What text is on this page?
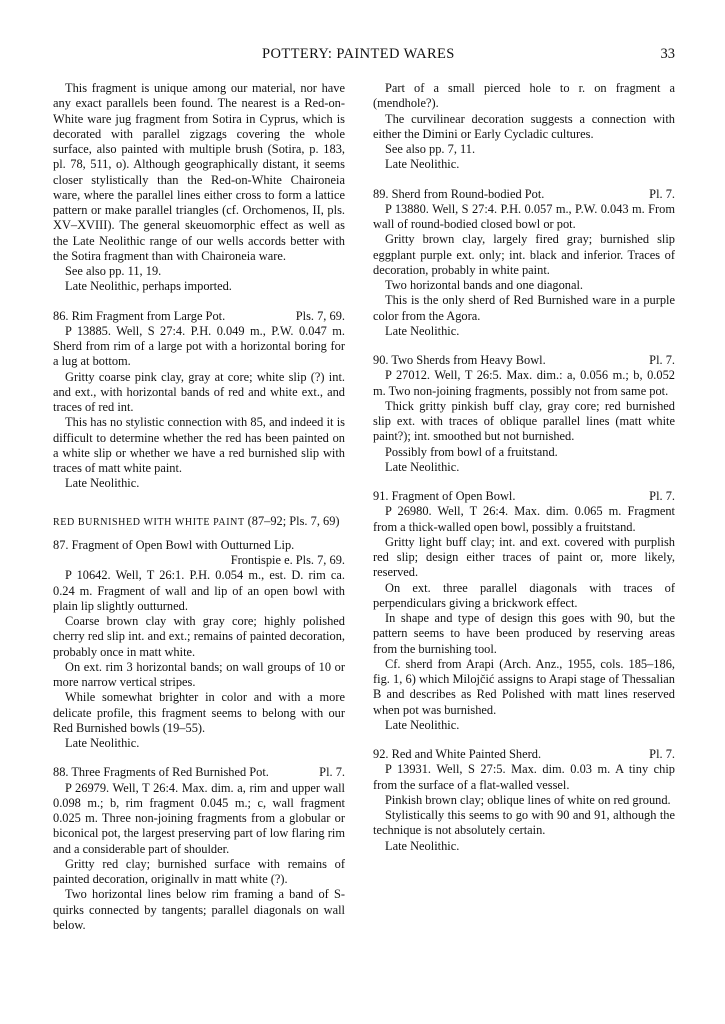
POTTERY: PAINTED WARES	33

This fragment is unique among our material, nor have any exact parallels been found. The nearest is a Red-on-White ware jug fragment from Sotira in Cyprus, which is decorated with parallel zigzags covering the whole surface, also painted with multiple brush (Sotira, p. 183, pl. 78, 511, o). Although geographically distant, it seems closer stylistically than the Red-on-White Chaironeia ware, where the parallel lines either cross to form a lattice pattern or make parallel triangles (cf. Orchomenos, II, pls. XV–XVIII). The general skeuomorphic effect as well as the Late Neolithic range of our wells accords better with the Sotira fragment than with Chaironeia ware.

See also pp. 11, 19.

Late Neolithic, perhaps imported.

86. Rim Fragment from Large Pot.	Pls. 7, 69.

P 13885. Well, S 27:4. P.H. 0.049 m., P.W. 0.047 m. Sherd from rim of a large pot with a horizontal boring for a lug at bottom.

Gritty coarse pink clay, gray at core; white slip (?) int. and ext., with horizontal bands of red and white ext., and traces of red int.

This has no stylistic connection with 85, and indeed it is difficult to determine whether the red has been painted on a white slip or whether we have a red burnished slip with traces of matt white paint.

Late Neolithic.

RED BURNISHED WITH WHITE PAINT (87–92; Pls. 7, 69)

87. Fragment of Open Bowl with Outturned Lip.

Frontispie e. Pls. 7, 69.

P 10642. Well, T 26:1. P.H. 0.054 m., est. D. rim ca. 0.24 m. Fragment of wall and lip of an open bowl with plain lip slightly outturned.

Coarse brown clay with gray core; highly polished cherry red slip int. and ext.; remains of painted decoration, probably once in matt white.

On ext. rim 3 horizontal bands; on wall groups of 10 or more narrow vertical stripes.

While somewhat brighter in color and with a more delicate profile, this fragment seems to belong with our Red Burnished bowls (19–55).

Late Neolithic.

88. Three Fragments of Red Burnished Pot.	Pl. 7.

P 26979. Well, T 26:4. Max. dim. a, rim and upper wall 0.098 m.; b, rim fragment 0.045 m.; c, wall fragment 0.025 m. Three non-joining fragments from a globular or biconical pot, the largest preserving part of low flaring rim and a considerable part of shoulder.

Gritty red clay; burnished surface with remains of painted decoration, originallv in matt white (?).

Two horizontal lines below rim framing a band of S-quirks connected by tangents; parallel diagonals on wall below.

Part of a small pierced hole to r. on fragment a (mendhole?).

The curvilinear decoration suggests a connection with either the Dimini or Early Cycladic cultures.

See also pp. 7, 11.

Late Neolithic.

89. Sherd from Round-bodied Pot.	Pl. 7.

P 13880. Well, S 27:4. P.H. 0.057 m., P.W. 0.043 m. From wall of round-bodied closed bowl or pot.

Gritty brown clay, largely fired gray; burnished slip eggplant purple ext. only; int. black and inferior. Traces of decoration, probably in white paint.

Two horizontal bands and one diagonal.

This is the only sherd of Red Burnished ware in a purple color from the Agora.

Late Neolithic.

90. Two Sherds from Heavy Bowl.	Pl. 7.

P 27012. Well, T 26:5. Max. dim.: a, 0.056 m.; b, 0.052 m. Two non-joining fragments, possibly not from same pot.

Thick gritty pinkish buff clay, gray core; red burnished slip ext. with traces of oblique parallel lines (matt white paint?); int. smoothed but not burnished.

Possibly from bowl of a fruitstand.

Late Neolithic.

91. Fragment of Open Bowl.	Pl. 7.

P 26980. Well, T 26:4. Max. dim. 0.065 m. Fragment from a thick-walled open bowl, possibly a fruitstand.

Gritty light buff clay; int. and ext. covered with purplish red slip; design either traces of paint or, more likely, reserved.

On ext. three parallel diagonals with traces of perpendiculars giving a brickwork effect.

In shape and type of design this goes with 90, but the pattern seems to have been produced by reserving areas from the burnishing tool.

Cf. sherd from Arapi (Arch. Anz., 1955, cols. 185–186, fig. 1, 6) which Milojčić assigns to Arapi stage of Thessalian B and describes as Red Polished with matt lines reserved when pot was burnished.

Late Neolithic.

92. Red and White Painted Sherd.	Pl. 7.

P 13931. Well, S 27:5. Max. dim. 0.03 m. A tiny chip from the surface of a flat-walled vessel.

Pinkish brown clay; oblique lines of white on red ground.

Stylistically this seems to go with 90 and 91, although the technique is not absolutely certain.

Late Neolithic.
